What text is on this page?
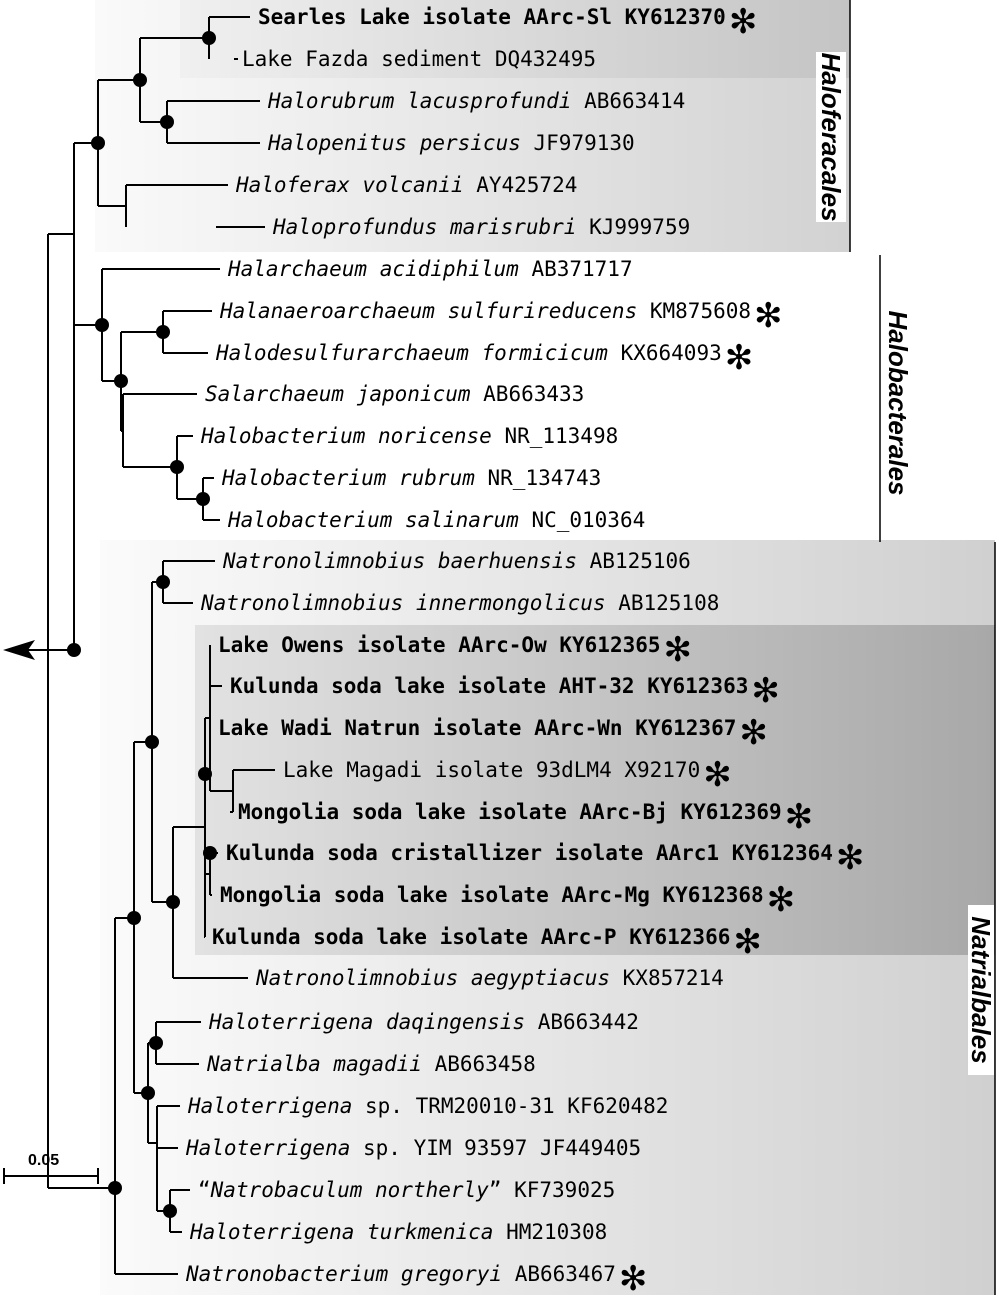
Haloferacales
Halobacterales
Natrialbales
Searles Lake isolate AArc-Sl KY612370 ✻
Lake Fazda sediment DQ432495
Halorubrum lacusprofundi AB663414
Halopenitus persicus JF979130
Haloferax volcanii AY425724
Haloprofundus marisrubri KJ999759
Halarchaeum acidiphilum AB371717
Halanaeroarchaeum sulfurireducens KM875608 ✻
Halodesulfurarchaeum formicicum KX664093 ✻
Salarchaeum japonicum AB663433
Halobacterium noricense NR_113498
Halobacterium rubrum NR_134743
Halobacterium salinarum NC_010364
Natronolimnobius baerhuensis AB125106
Natronolimnobius innermongolicus AB125108
Lake Owens isolate AArc-Ow KY612365 ✻
Kulunda soda lake isolate AHT-32 KY612363 ✻
Lake Wadi Natrun isolate AArc-Wn KY612367 ✻
Lake Magadi isolate 93dLM4 X92170 ✻
Mongolia soda lake isolate AArc-Bj KY612369 ✻
Kulunda soda cristallizer isolate AArc1 KY612364 ✻
Mongolia soda lake isolate AArc-Mg KY612368 ✻
Kulunda soda lake isolate AArc-P KY612366 ✻
Natronolimnobius aegyptiacus KX857214
Haloterrigena daqingensis AB663442
Natrialba magadii AB663458
Haloterrigena sp. TRM20010-31 KF620482
Haloterrigena sp. YIM 93597 JF449405
“Natrobaculum northerly” KF739025
Haloterrigena turkmenica HM210308
Natronobacterium gregoryi AB663467 ✻
0.05
